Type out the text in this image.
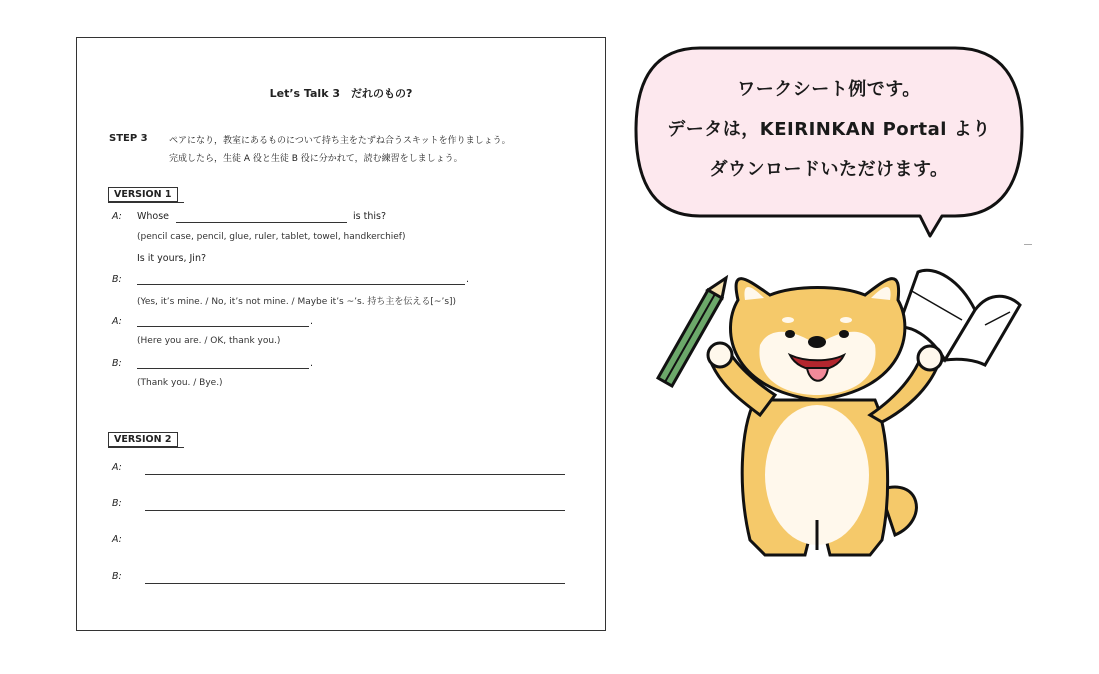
Let’s Talk 3　だれのもの?
STEP 3 ペアになり，教室にあるものについて持ち主をたずね合うスキットを作りましょう。
完成したら，生徒 A 役と生徒 B 役に分かれて，読む練習をしましょう。
VERSION 1
A: Whose	is this?
(pencil case, pencil, glue, ruler, tablet, towel, handkerchief)
Is it yours, Jin?
B:	.
(Yes, it’s mine. / No, it’s not mine. / Maybe it’s ~’s. 持ち主を伝える[~’s])
A:	.
(Here you are. / OK, thank you.)
B:	.
(Thank you. / Bye.)
VERSION 2
A:
B:
A:
B:
ワークシート例です。
データは，KEIRINKAN Portal より
ダウンロードいただけます。
